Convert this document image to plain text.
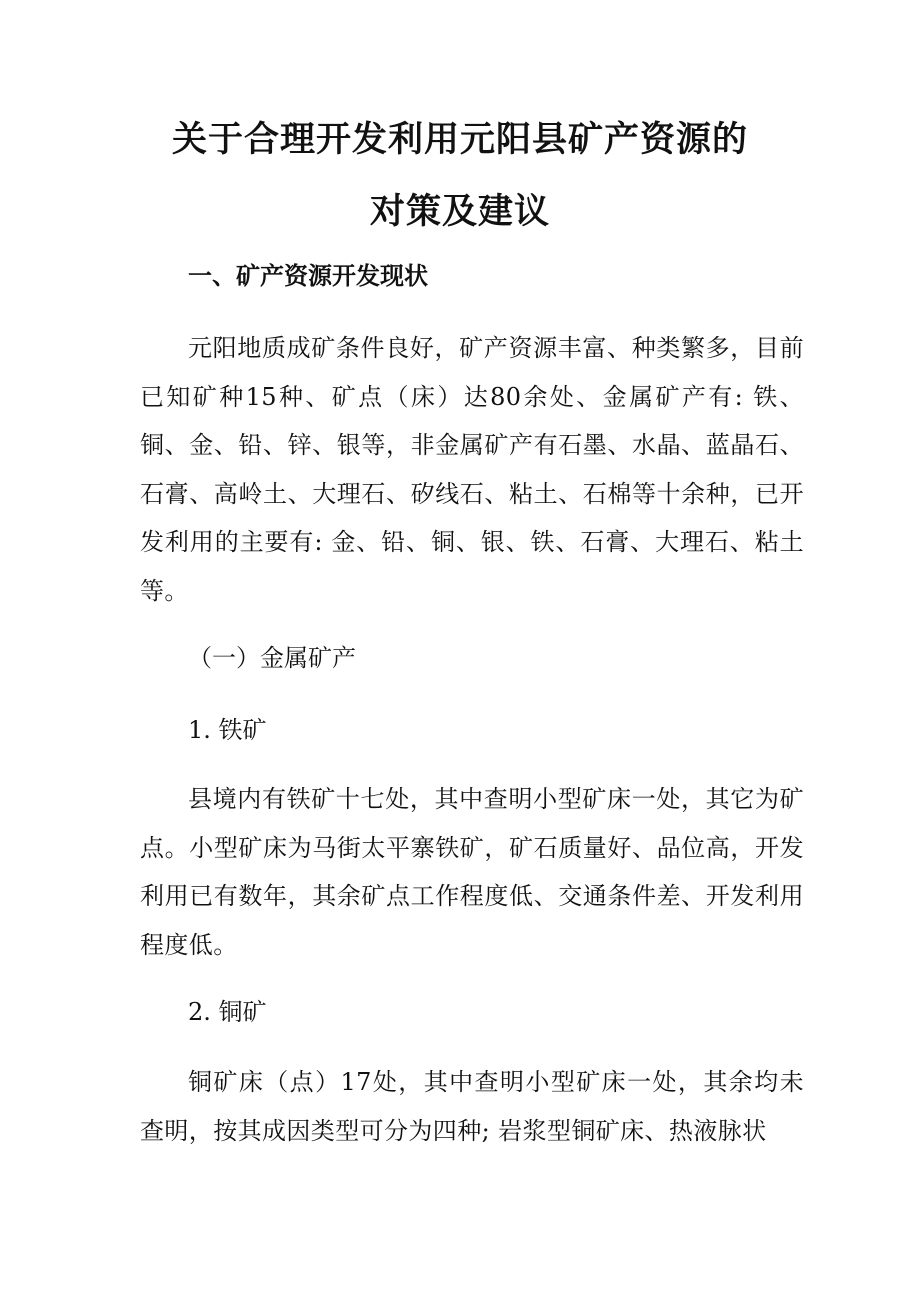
关于合理开发利用元阳县矿产资源的
对策及建议
一、矿产资源开发现状

元阳地质成矿条件良好，矿产资源丰富、种类繁多，目前已知矿种15种、矿点（床）达80余处、金属矿产有: 铁、铜、金、铅、锌、银等，非金属矿产有石墨、水晶、蓝晶石、石膏、高岭土、大理石、矽线石、粘土、石棉等十余种，已开发利用的主要有: 金、铅、铜、银、铁、石膏、大理石、粘土等。

（一）金属矿产
1. 铁矿

县境内有铁矿十七处，其中查明小型矿床一处，其它为矿点。小型矿床为马街太平寨铁矿，矿石质量好、品位高，开发利用已有数年，其余矿点工作程度低、交通条件差、开发利用程度低。

2. 铜矿

铜矿床（点）17处，其中查明小型矿床一处，其余均未查明，按其成因类型可分为四种; 岩浆型铜矿床、热液脉状
